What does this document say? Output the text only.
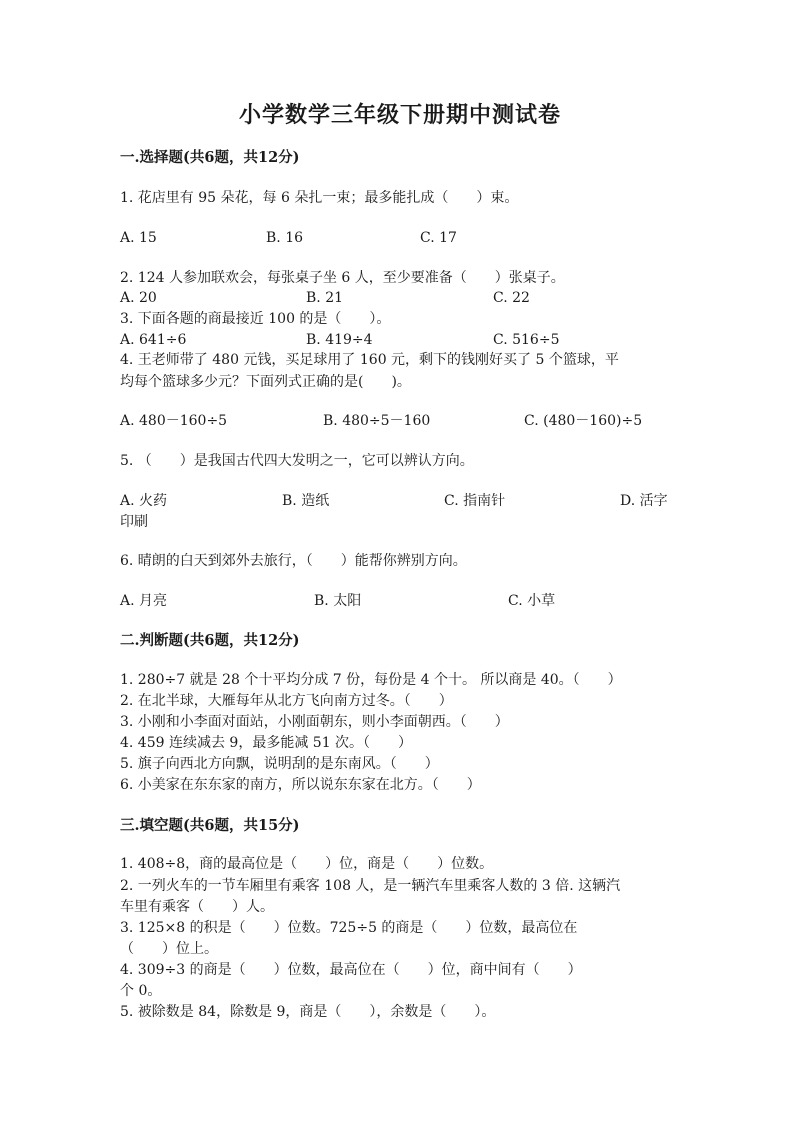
小学数学三年级下册期中测试卷
一.选择题(共6题，共12分)
1. 花店里有 95 朵花，每 6 朵扎一束；最多能扎成（　　）束。
A. 15	B. 16	C. 17
2. 124 人参加联欢会，每张桌子坐 6 人，至少要准备（　　）张桌子。
A. 20	B. 21	C. 22
3. 下面各题的商最接近 100 的是（　　）。
A. 641÷6	B. 419÷4	C. 516÷5
4. 王老师带了 480 元钱，买足球用了 160 元，剩下的钱刚好买了 5 个篮球，平
均每个篮球多少元？下面列式正确的是(　　)。
A. 480－160÷5	B. 480÷5－160	C. (480－160)÷5
5. （　　）是我国古代四大发明之一，它可以辨认方向。
A. 火药	B. 造纸	C. 指南针	D. 活字
印刷
6. 晴朗的白天到郊外去旅行，（　　）能帮你辨别方向。
A. 月亮	B. 太阳	C. 小草
二.判断题(共6题，共12分)
1. 280÷7 就是 28 个十平均分成 7 份，每份是 4 个十。 所以商是 40。（　　）
2. 在北半球，大雁每年从北方飞向南方过冬。（　　）
3. 小刚和小李面对面站，小刚面朝东，则小李面朝西。（　　）
4. 459 连续减去 9，最多能减 51 次。（　　）
5. 旗子向西北方向飘，说明刮的是东南风。（　　）
6. 小美家在东东家的南方，所以说东东家在北方。（　　）
三.填空题(共6题，共15分)
1. 408÷8，商的最高位是（　　）位，商是（　　）位数。
2. 一列火车的一节车厢里有乘客 108 人，是一辆汽车里乘客人数的 3 倍. 这辆汽
车里有乘客（　　）人。
3. 125×8 的积是（　　）位数。725÷5 的商是（　　）位数，最高位在
（　　）位上。
4. 309÷3 的商是（　　）位数，最高位在（　　）位，商中间有（　　）
个 0。
5. 被除数是 84，除数是 9，商是（　　），余数是（　　）。
